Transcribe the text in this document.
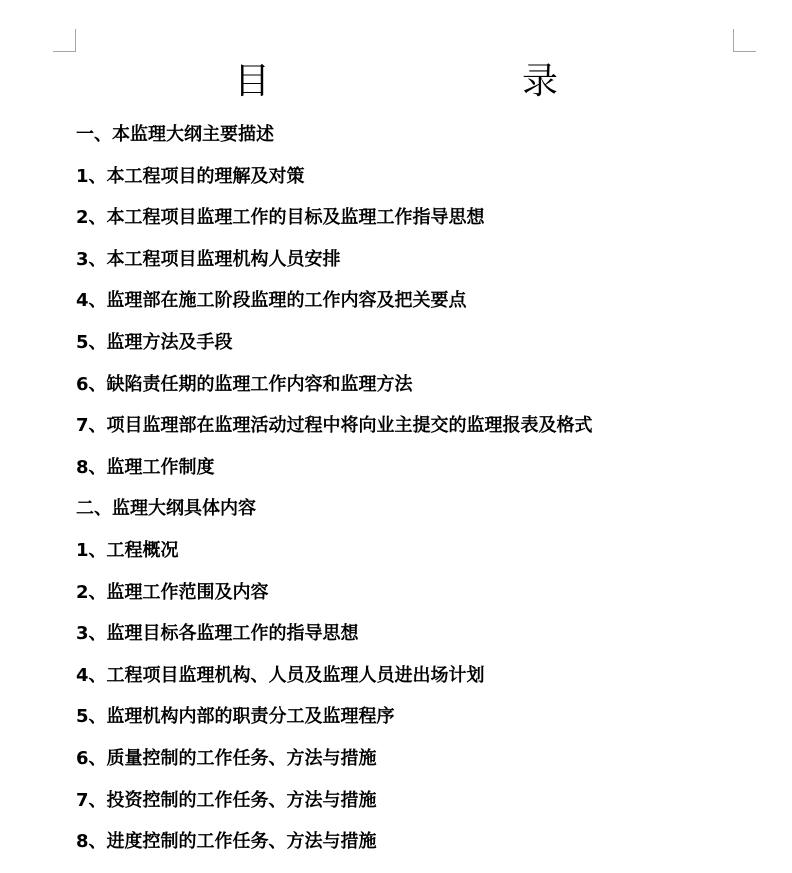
目　　录
一、本监理大纲主要描述
1、本工程项目的理解及对策
2、本工程项目监理工作的目标及监理工作指导思想
3、本工程项目监理机构人员安排
4、监理部在施工阶段监理的工作内容及把关要点
5、监理方法及手段
6、缺陷责任期的监理工作内容和监理方法
7、项目监理部在监理活动过程中将向业主提交的监理报表及格式
8、监理工作制度
二、监理大纲具体内容
1、工程概况
2、监理工作范围及内容
3、监理目标各监理工作的指导思想
4、工程项目监理机构、人员及监理人员进出场计划
5、监理机构内部的职责分工及监理程序
6、质量控制的工作任务、方法与措施
7、投资控制的工作任务、方法与措施
8、进度控制的工作任务、方法与措施
